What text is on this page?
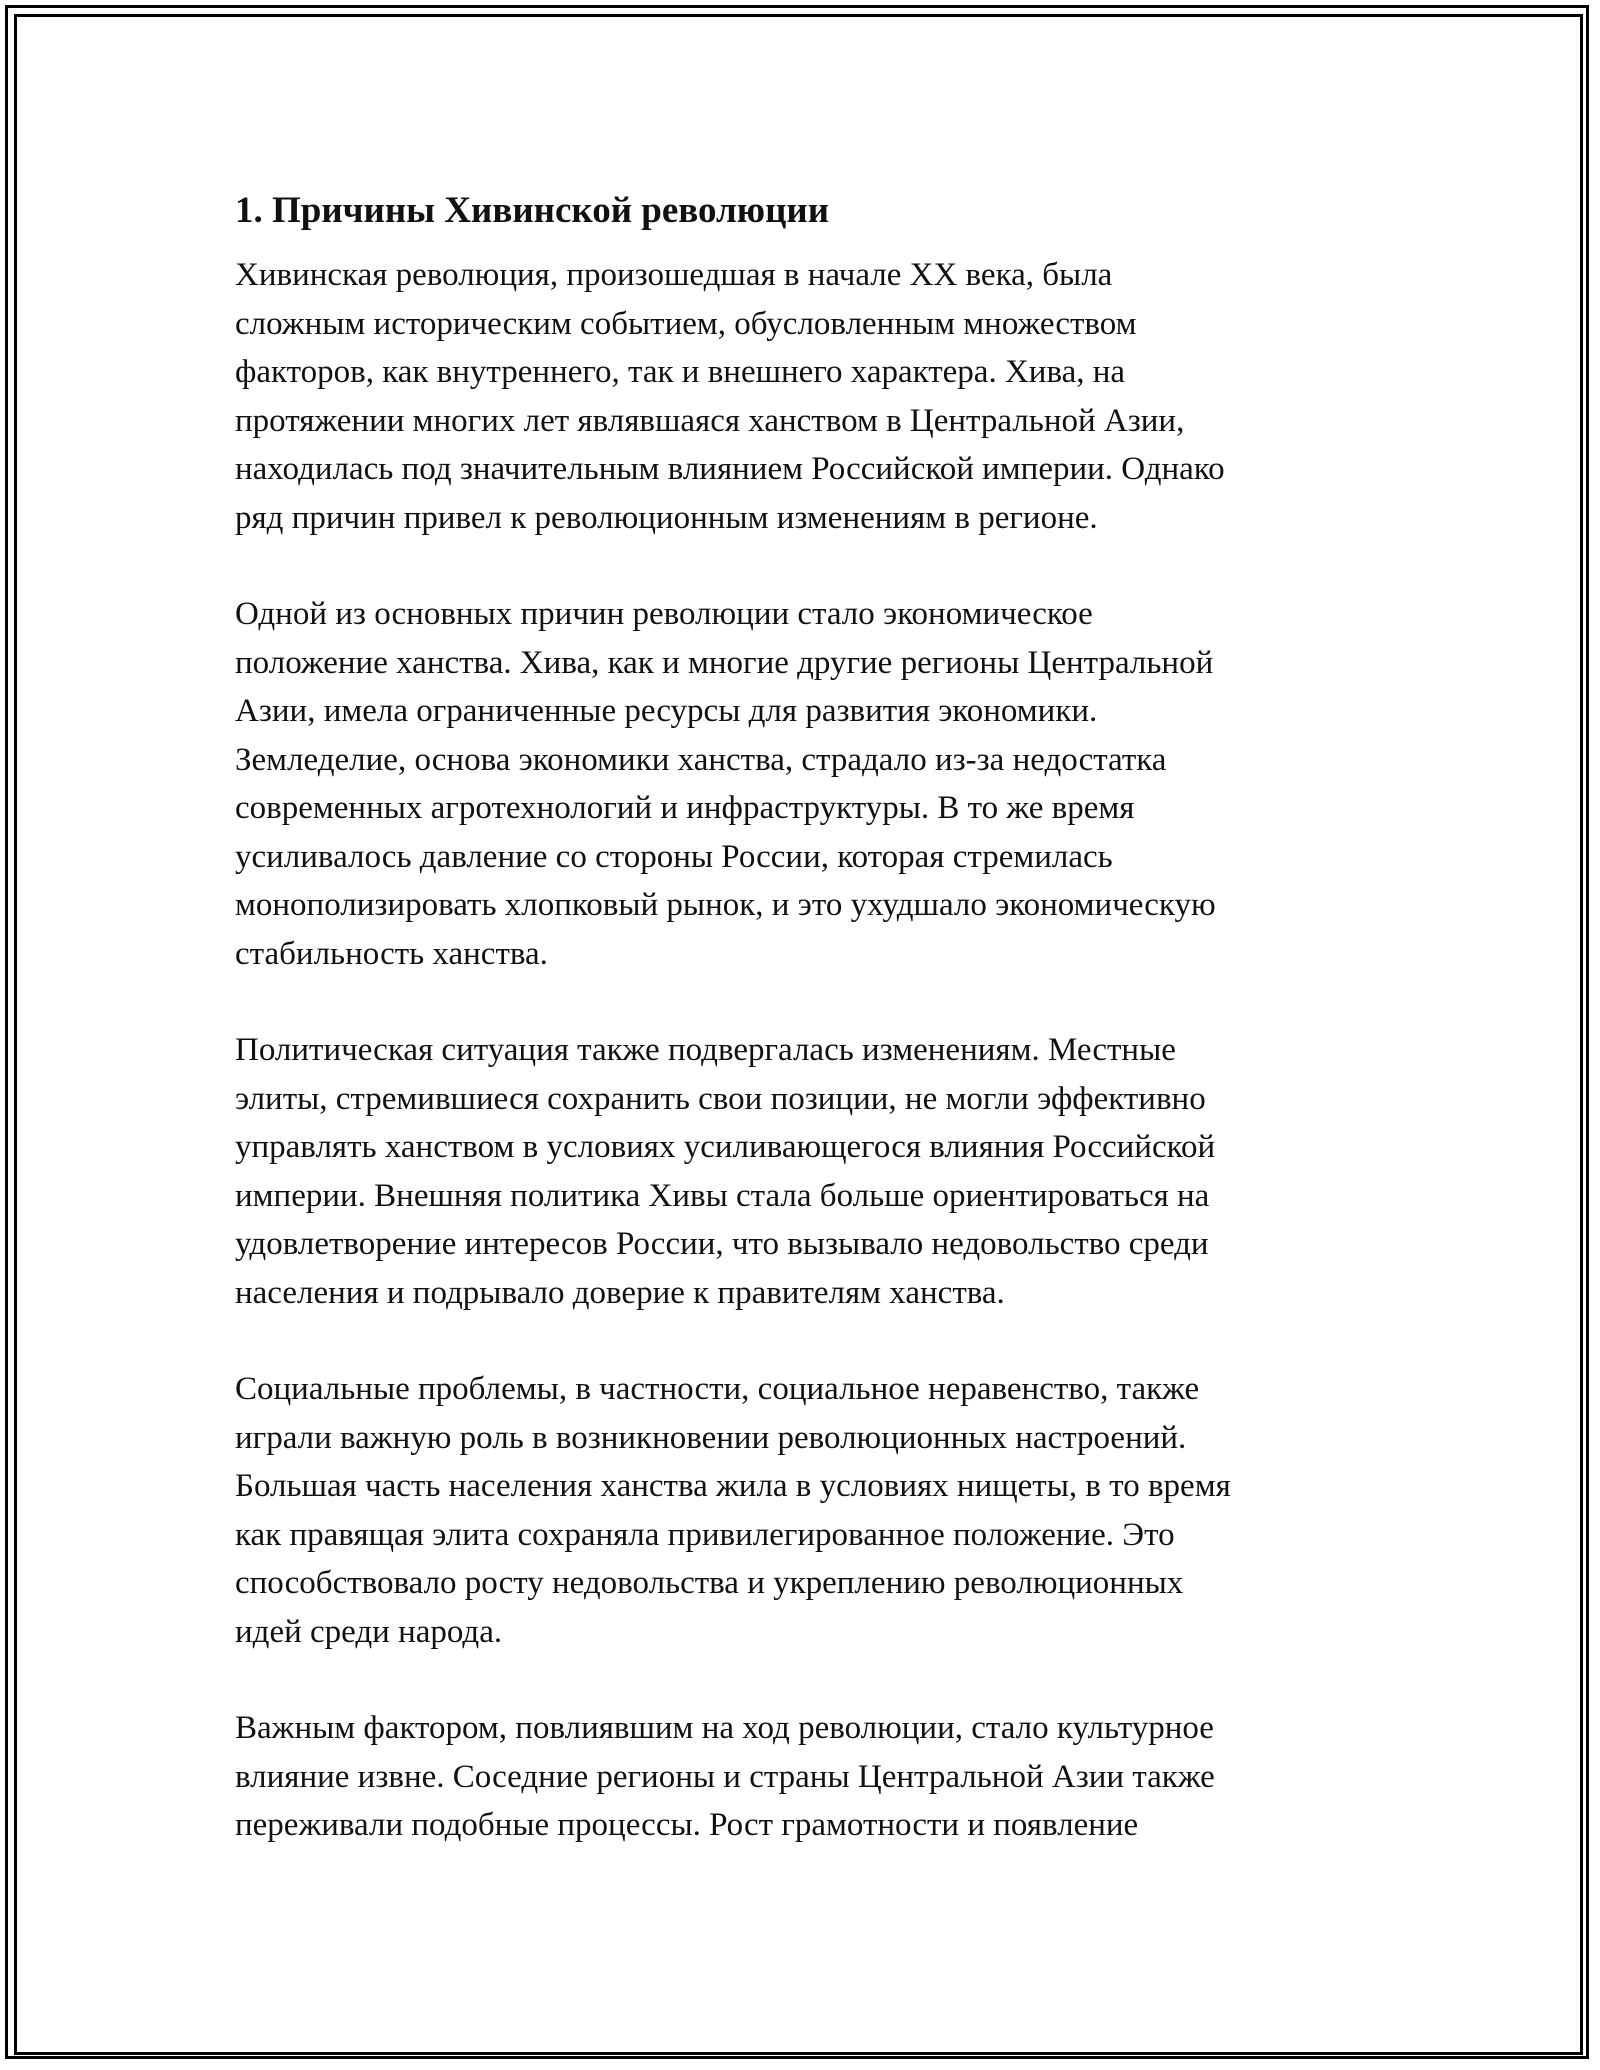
1. Причины Хивинской революции
Хивинская революция, произошедшая в начале XX века, была
сложным историческим событием, обусловленным множеством
факторов, как внутреннего, так и внешнего характера. Хива, на
протяжении многих лет являвшаяся ханством в Центральной Азии,
находилась под значительным влиянием Российской империи. Однако
ряд причин привел к революционным изменениям в регионе.
Одной из основных причин революции стало экономическое
положение ханства. Хива, как и многие другие регионы Центральной
Азии, имела ограниченные ресурсы для развития экономики.
Земледелие, основа экономики ханства, страдало из-за недостатка
современных агротехнологий и инфраструктуры. В то же время
усиливалось давление со стороны России, которая стремилась
монополизировать хлопковый рынок, и это ухудшало экономическую
стабильность ханства.
Политическая ситуация также подвергалась изменениям. Местные
элиты, стремившиеся сохранить свои позиции, не могли эффективно
управлять ханством в условиях усиливающегося влияния Российской
империи. Внешняя политика Хивы стала больше ориентироваться на
удовлетворение интересов России, что вызывало недовольство среди
населения и подрывало доверие к правителям ханства.
Социальные проблемы, в частности, социальное неравенство, также
играли важную роль в возникновении революционных настроений.
Большая часть населения ханства жила в условиях нищеты, в то время
как правящая элита сохраняла привилегированное положение. Это
способствовало росту недовольства и укреплению революционных
идей среди народа.
Важным фактором, повлиявшим на ход революции, стало культурное
влияние извне. Соседние регионы и страны Центральной Азии также
переживали подобные процессы. Рост грамотности и появление
